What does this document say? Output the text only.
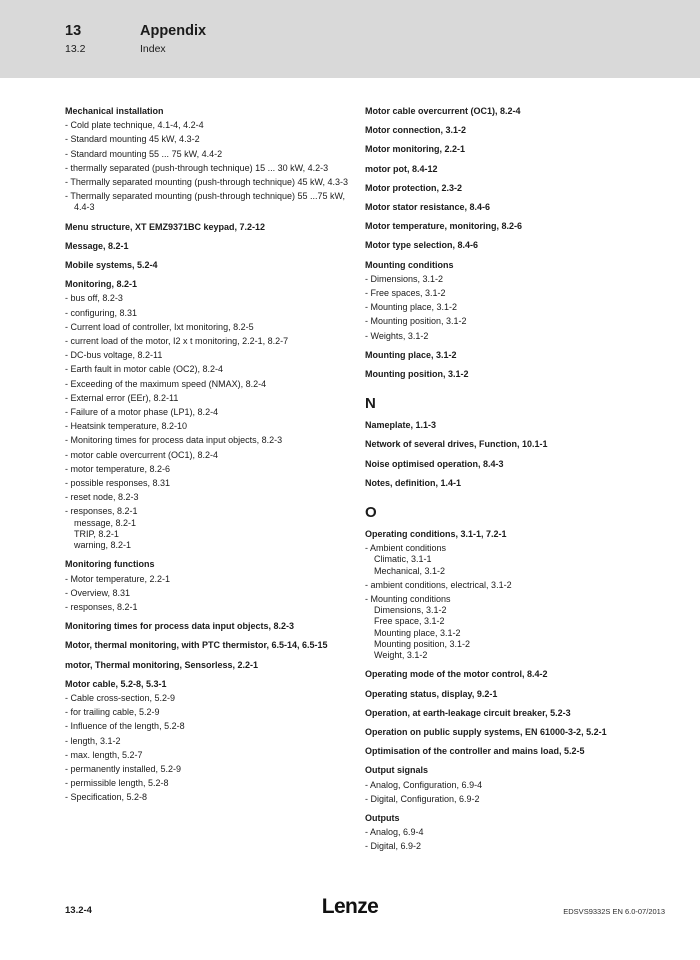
13	Appendix
13.2	Index
Mechanical installation
- Cold plate technique, 4.1-4, 4.2-4
- Standard mounting 45 kW, 4.3-2
- Standard mounting 55 ... 75 kW, 4.4-2
- thermally separated (push-through technique) 15 ... 30 kW, 4.2-3
- Thermally separated mounting (push-through technique) 45 kW, 4.3-3
- Thermally separated mounting (push-through technique) 55 ...75 kW, 4.4-3
Menu structure, XT EMZ9371BC keypad, 7.2-12
Message, 8.2-1
Mobile systems, 5.2-4
Monitoring, 8.2-1
- bus off, 8.2-3
- configuring, 8.31
- Current load of controller, Ixt monitoring, 8.2-5
- current load of the motor, I2 x t monitoring, 2.2-1, 8.2-7
- DC-bus voltage, 8.2-11
- Earth fault in motor cable (OC2), 8.2-4
- Exceeding of the maximum speed (NMAX), 8.2-4
- External error (EEr), 8.2-11
- Failure of a motor phase (LP1), 8.2-4
- Heatsink temperature, 8.2-10
- Monitoring times for process data input objects, 8.2-3
- motor cable overcurrent (OC1), 8.2-4
- motor temperature, 8.2-6
- possible responses, 8.31
- reset node, 8.2-3
- responses, 8.2-1
message, 8.2-1
TRIP, 8.2-1
warning, 8.2-1
Monitoring functions
- Motor temperature, 2.2-1
- Overview, 8.31
- responses, 8.2-1
Monitoring times for process data input objects, 8.2-3
Motor, thermal monitoring, with PTC thermistor, 6.5-14, 6.5-15
motor, Thermal monitoring, Sensorless, 2.2-1
Motor cable, 5.2-8, 5.3-1
- Cable cross-section, 5.2-9
- for trailing cable, 5.2-9
- Influence of the length, 5.2-8
- length, 3.1-2
- max. length, 5.2-7
- permanently installed, 5.2-9
- permissible length, 5.2-8
- Specification, 5.2-8
Motor cable overcurrent (OC1), 8.2-4
Motor connection, 3.1-2
Motor monitoring, 2.2-1
motor pot, 8.4-12
Motor protection, 2.3-2
Motor stator resistance, 8.4-6
Motor temperature, monitoring, 8.2-6
Motor type selection, 8.4-6
Mounting conditions
- Dimensions, 3.1-2
- Free spaces, 3.1-2
- Mounting place, 3.1-2
- Mounting position, 3.1-2
- Weights, 3.1-2
Mounting place, 3.1-2
Mounting position, 3.1-2
N
Nameplate, 1.1-3
Network of several drives, Function, 10.1-1
Noise optimised operation, 8.4-3
Notes, definition, 1.4-1
O
Operating conditions, 3.1-1, 7.2-1
- Ambient conditions
Climatic, 3.1-1
Mechanical, 3.1-2
- ambient conditions, electrical, 3.1-2
- Mounting conditions
Dimensions, 3.1-2
Free space, 3.1-2
Mounting place, 3.1-2
Mounting position, 3.1-2
Weight, 3.1-2
Operating mode of the motor control, 8.4-2
Operating status, display, 9.2-1
Operation, at earth-leakage circuit breaker, 5.2-3
Operation on public supply systems, EN 61000-3-2, 5.2-1
Optimisation of the controller and mains load, 5.2-5
Output signals
- Analog, Configuration, 6.9-4
- Digital, Configuration, 6.9-2
Outputs
- Analog, 6.9-4
- Digital, 6.9-2
13.2-4	Lenze	EDSVS9332S EN 6.0-07/2013
